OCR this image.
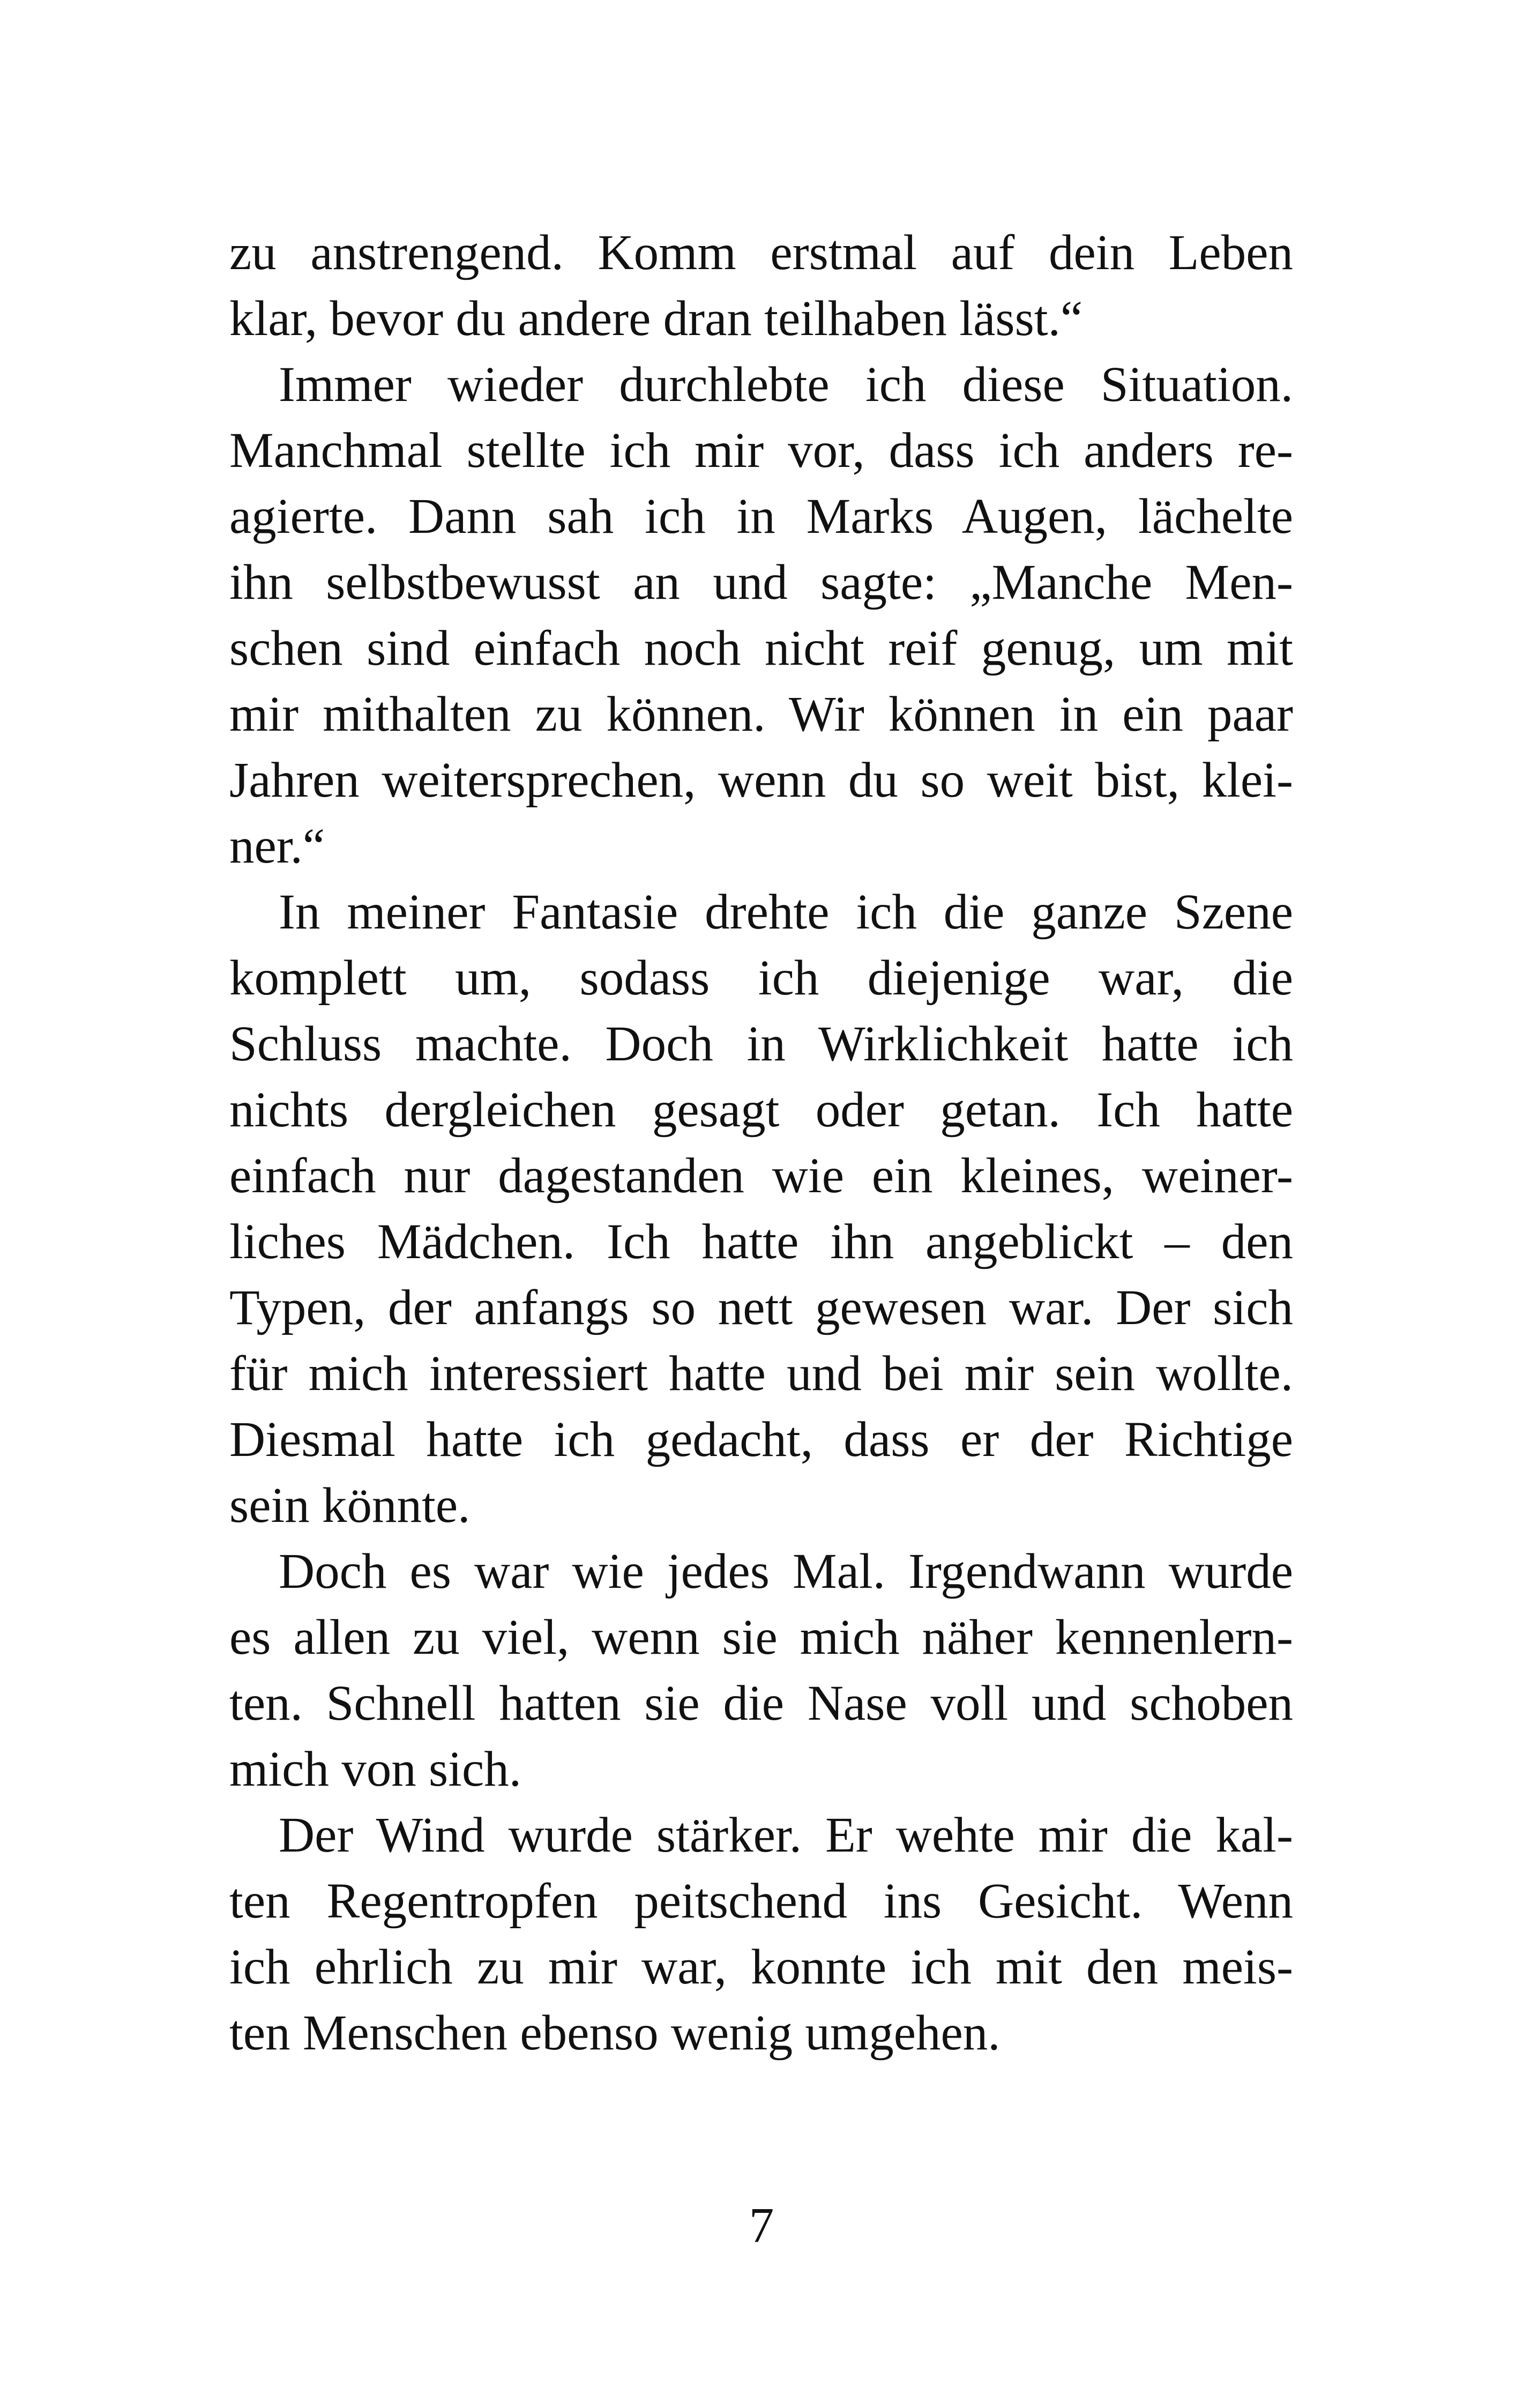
zu anstrengend. Komm erstmal auf dein Leben
klar, bevor du andere dran teilhaben lässt.“
Immer wieder durchlebte ich diese Situation.
Manchmal stellte ich mir vor, dass ich anders re-
agierte. Dann sah ich in Marks Augen, lächelte
ihn selbstbewusst an und sagte: „Manche Men-
schen sind einfach noch nicht reif genug, um mit
mir mithalten zu können. Wir können in ein paar
Jahren weitersprechen, wenn du so weit bist, klei-
ner.“
In meiner Fantasie drehte ich die ganze Szene
komplett um, sodass ich diejenige war, die
Schluss machte. Doch in Wirklichkeit hatte ich
nichts dergleichen gesagt oder getan. Ich hatte
einfach nur dagestanden wie ein kleines, weiner-
liches Mädchen. Ich hatte ihn angeblickt – den
Typen, der anfangs so nett gewesen war. Der sich
für mich interessiert hatte und bei mir sein wollte.
Diesmal hatte ich gedacht, dass er der Richtige
sein könnte.
Doch es war wie jedes Mal. Irgendwann wurde
es allen zu viel, wenn sie mich näher kennenlern-
ten. Schnell hatten sie die Nase voll und schoben
mich von sich.
Der Wind wurde stärker. Er wehte mir die kal-
ten Regentropfen peitschend ins Gesicht. Wenn
ich ehrlich zu mir war, konnte ich mit den meis-
ten Menschen ebenso wenig umgehen.
7
